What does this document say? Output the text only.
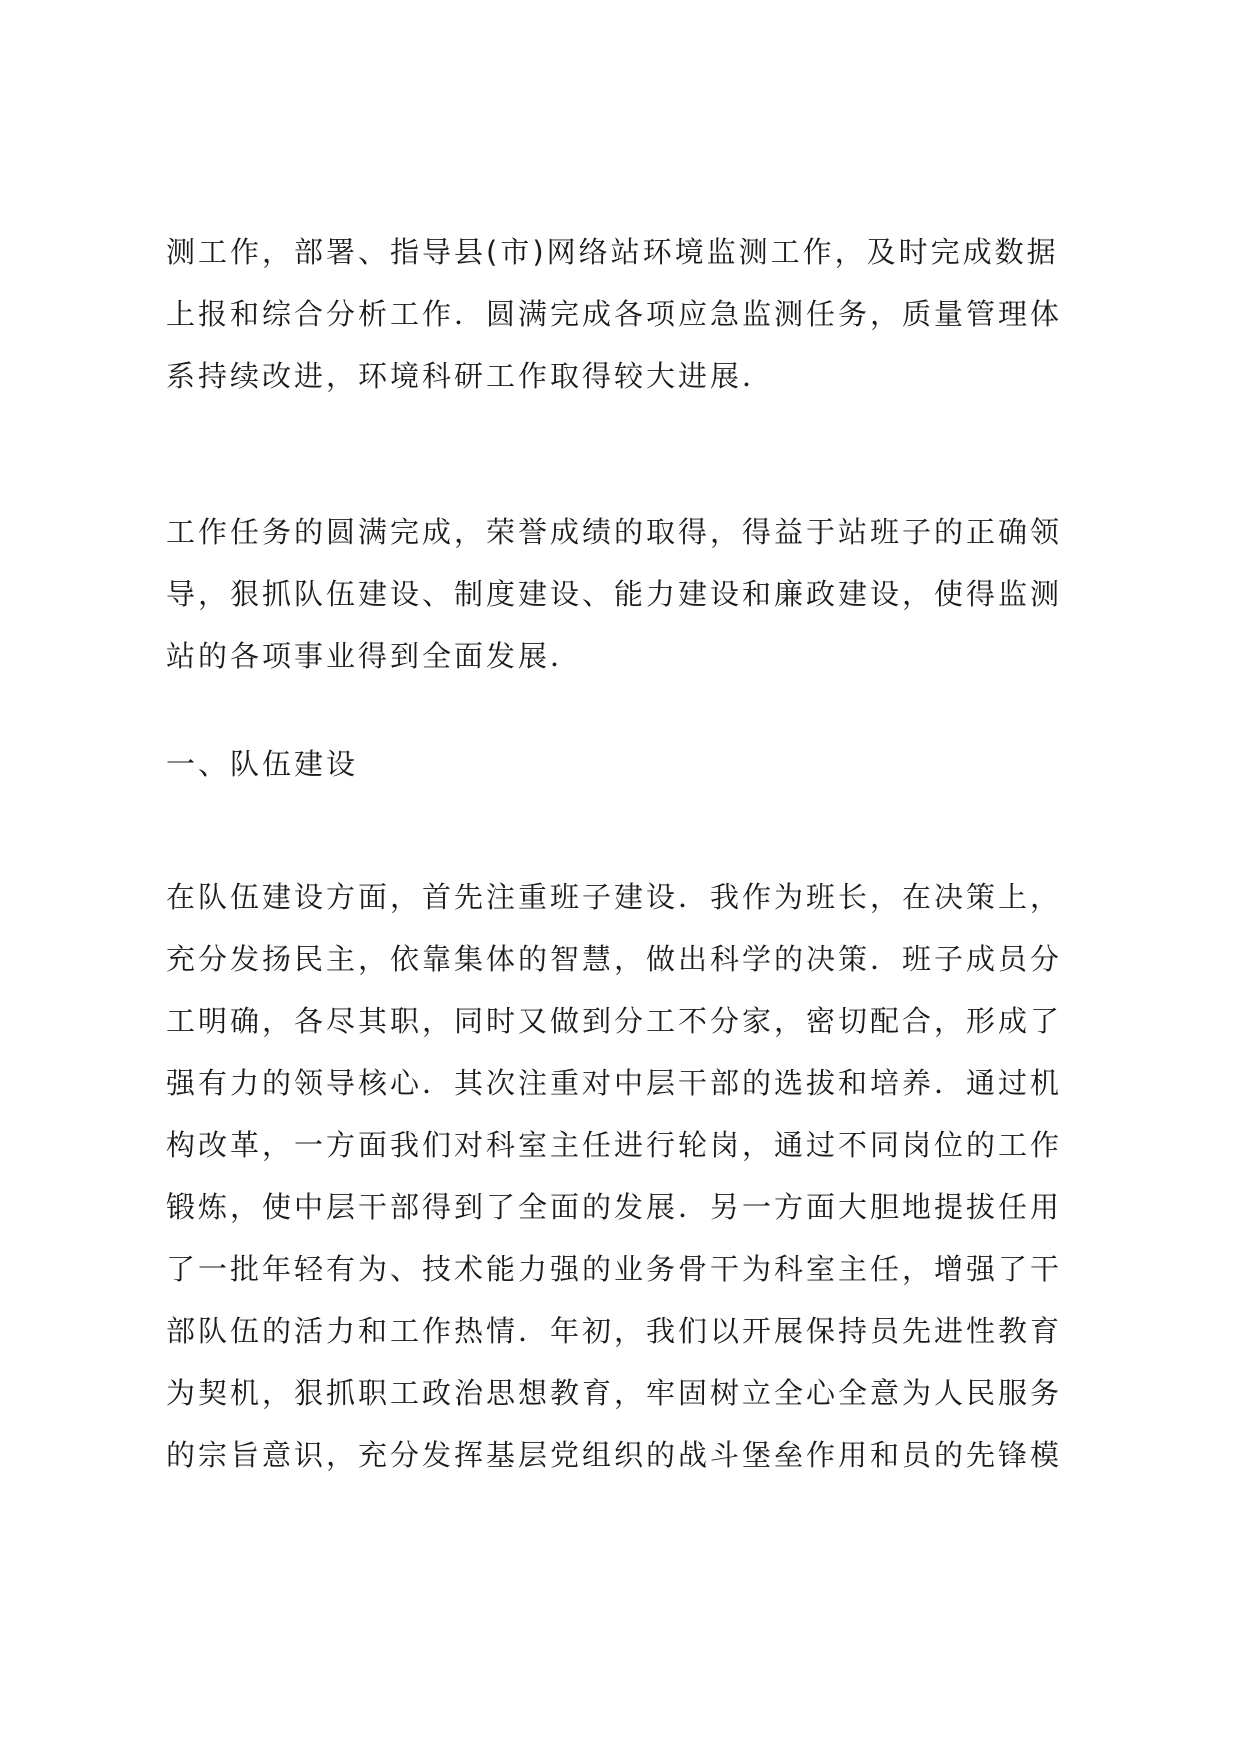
测工作，部署、指导县(市)网络站环境监测工作，及时完成数据
上报和综合分析工作．圆满完成各项应急监测任务，质量管理体
系持续改进，环境科研工作取得较大进展．
工作任务的圆满完成，荣誉成绩的取得，得益于站班子的正确领
导，狠抓队伍建设、制度建设、能力建设和廉政建设，使得监测
站的各项事业得到全面发展．
一、队伍建设
在队伍建设方面，首先注重班子建设．我作为班长，在决策上，
充分发扬民主，依靠集体的智慧，做出科学的决策．班子成员分
工明确，各尽其职，同时又做到分工不分家，密切配合，形成了
强有力的领导核心．其次注重对中层干部的选拔和培养．通过机
构改革，一方面我们对科室主任进行轮岗，通过不同岗位的工作
锻炼，使中层干部得到了全面的发展．另一方面大胆地提拔任用
了一批年轻有为、技术能力强的业务骨干为科室主任，增强了干
部队伍的活力和工作热情．年初，我们以开展保持员先进性教育
为契机，狠抓职工政治思想教育，牢固树立全心全意为人民服务
的宗旨意识，充分发挥基层党组织的战斗堡垒作用和员的先锋模
